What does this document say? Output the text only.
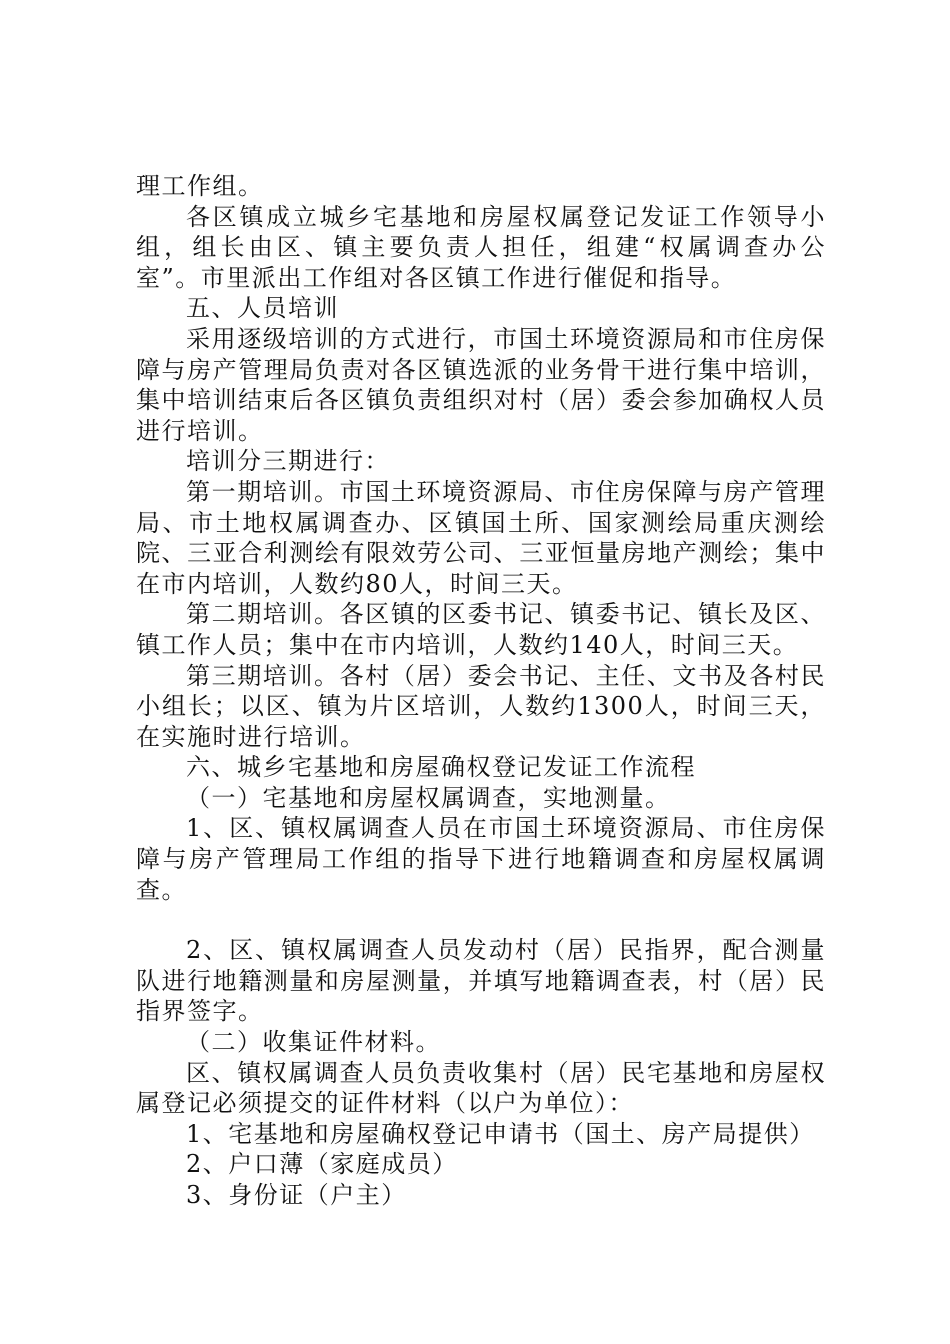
理工作组。

各区镇成立城乡宅基地和房屋权属登记发证工作领导小组，组长由区、镇主要负责人担任，组建“权属调查办公室”。市里派出工作组对各区镇工作进行催促和指导。

五、人员培训

采用逐级培训的方式进行，市国土环境资源局和市住房保障与房产管理局负责对各区镇选派的业务骨干进行集中培训，集中培训结束后各区镇负责组织对村（居）委会参加确权人员进行培训。

培训分三期进行：

第一期培训。市国土环境资源局、市住房保障与房产管理局、市土地权属调查办、区镇国土所、国家测绘局重庆测绘院、三亚合利测绘有限效劳公司、三亚恒量房地产测绘；集中在市内培训，人数约80人，时间三天。

第二期培训。各区镇的区委书记、镇委书记、镇长及区、镇工作人员；集中在市内培训，人数约140人，时间三天。

第三期培训。各村（居）委会书记、主任、文书及各村民小组长；以区、镇为片区培训，人数约1300人，时间三天，在实施时进行培训。

六、城乡宅基地和房屋确权登记发证工作流程

（一）宅基地和房屋权属调查，实地测量。

1、区、镇权属调查人员在市国土环境资源局、市住房保障与房产管理局工作组的指导下进行地籍调查和房屋权属调查。

2、区、镇权属调查人员发动村（居）民指界，配合测量队进行地籍测量和房屋测量，并填写地籍调查表，村（居）民指界签字。

（二）收集证件材料。

区、镇权属调查人员负责收集村（居）民宅基地和房屋权属登记必须提交的证件材料（以户为单位）：

1、宅基地和房屋确权登记申请书（国土、房产局提供）

2、户口薄（家庭成员）

3、身份证（户主）
